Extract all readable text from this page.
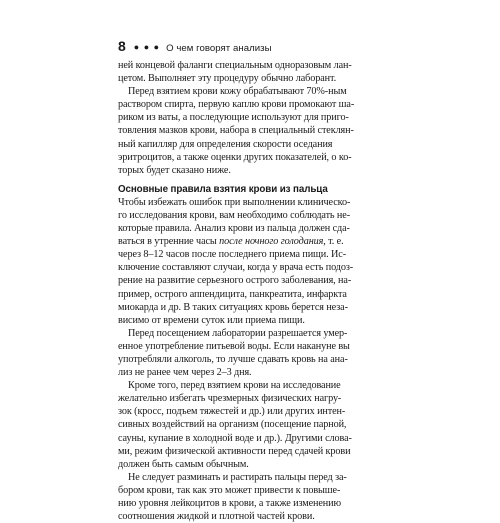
8 ● ● ● О чем говорят анализы

ней концевой фаланги специальным одноразовым лан-

цетом. Выполняет эту процедуру обычно лаборант.

Перед взятием крови кожу обрабатывают 70%-ным

раствором спирта, первую каплю крови промокают ша-

риком из ваты, а последующие используют для приго-

товления мазков крови, набора в специальный стеклян-

ный капилляр для определения скорости оседания

эритроцитов, а также оценки других показателей, о ко-

торых будет сказано ниже.

Основные правила взятия крови из пальца

Чтобы избежать ошибок при выполнении клиническо-

го исследования крови, вам необходимо соблюдать не-

которые правила. Анализ крови из пальца должен сда-

ваться в утренние часы после ночного голодания, т. е.

через 8–12 часов после последнего приема пищи. Ис-

ключение составляют случаи, когда у врача есть подоз-

рение на развитие серьезного острого заболевания, на-

пример, острого аппендицита, панкреатита, инфаркта

миокарда и др. В таких ситуациях кровь берется неза-

висимо от времени суток или приема пищи.

Перед посещением лаборатории разрешается умер-

енное употребление питьевой воды. Если накануне вы

употребляли алкоголь, то лучше сдавать кровь на ана-

лиз не ранее чем через 2–3 дня.

Кроме того, перед взятием крови на исследование

желательно избегать чрезмерных физических нагру-

зок (кросс, подъем тяжестей и др.) или других интен-

сивных воздействий на организм (посещение парной,

сауны, купание в холодной воде и др.). Другими слова-

ми, режим физической активности перед сдачей крови

должен быть самым обычным.

Не следует разминать и растирать пальцы перед за-

бором крови, так как это может привести к повыше-

нию уровня лейкоцитов в крови, а также изменению

соотношения жидкой и плотной частей крови.
